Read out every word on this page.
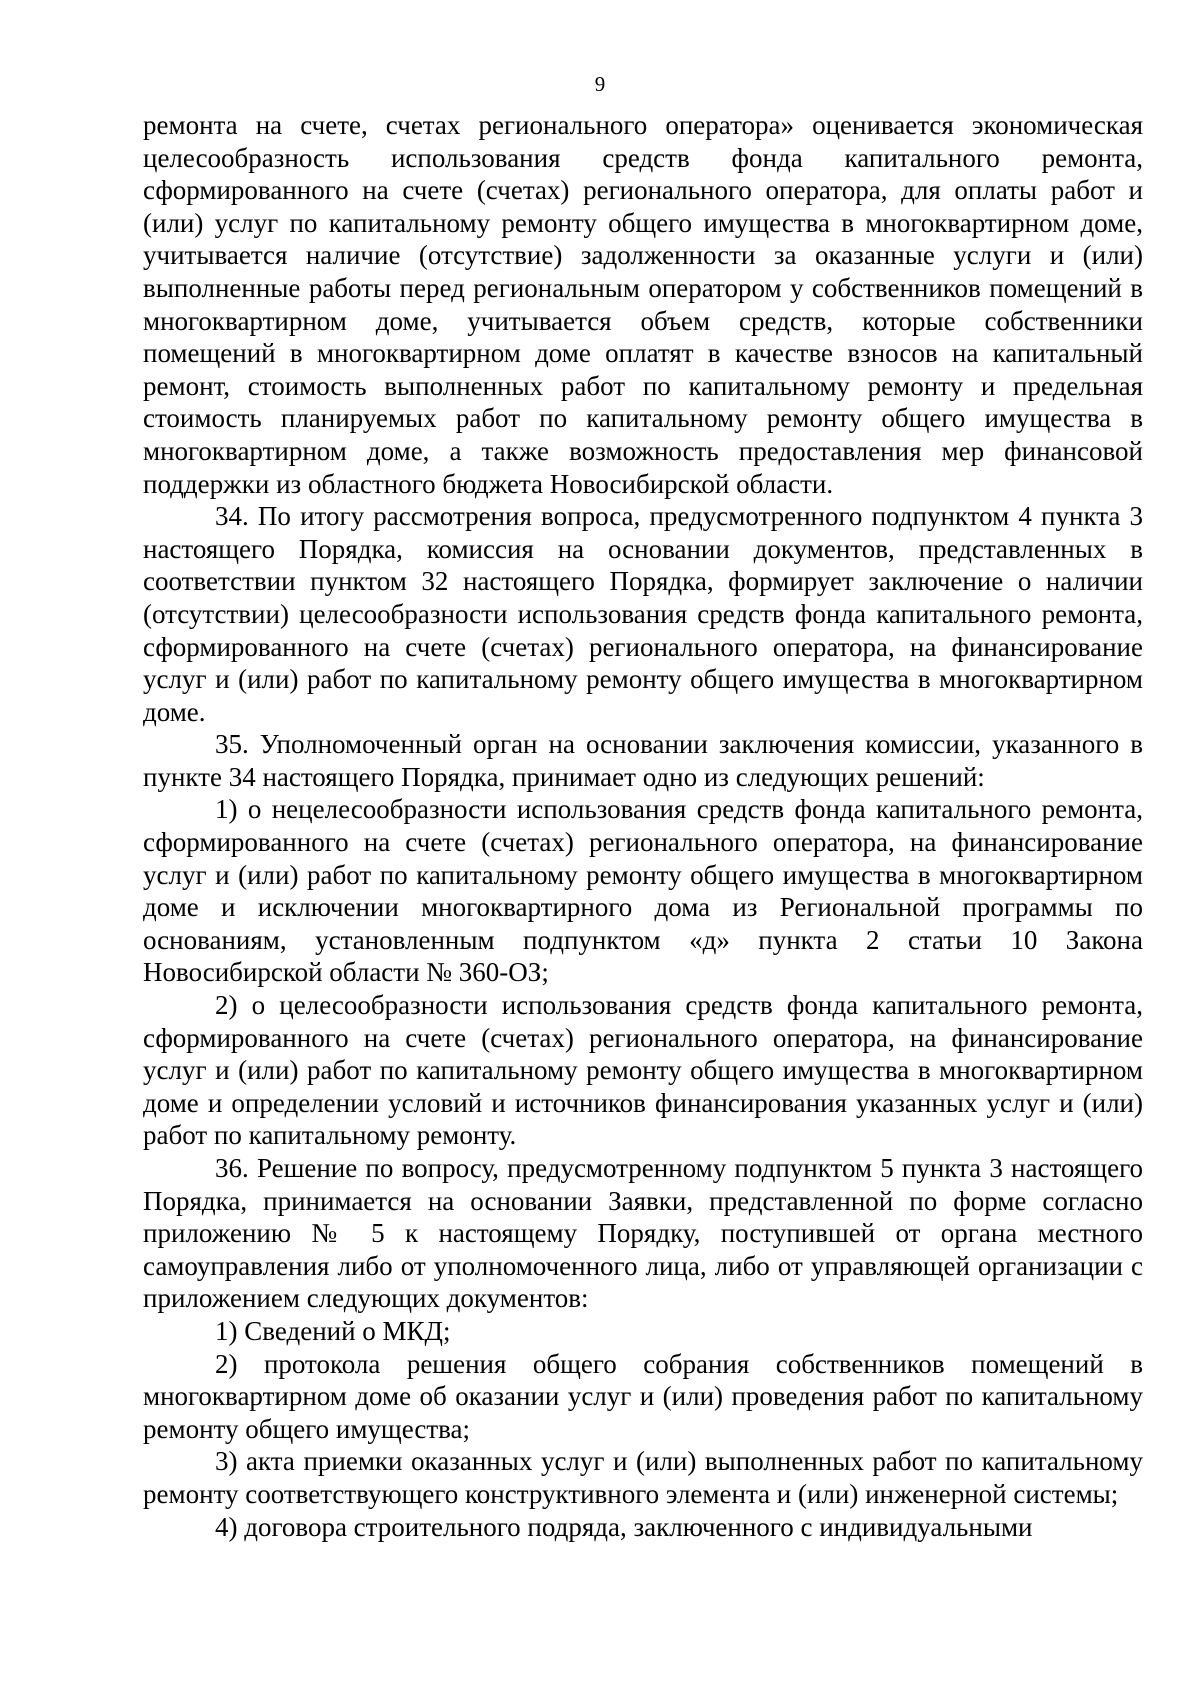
9

ремонта на счете, счетах регионального оператора» оценивается экономическая целесообразность использования средств фонда капитального ремонта, сформированного на счете (счетах) регионального оператора, для оплаты работ и (или) услуг по капитальному ремонту общего имущества в многоквартирном доме, учитывается наличие (отсутствие) задолженности за оказанные услуги и (или) выполненные работы перед региональным оператором у собственников помещений в многоквартирном доме, учитывается объем средств, которые собственники помещений в многоквартирном доме оплатят в качестве взносов на капитальный ремонт, стоимость выполненных работ по капитальному ремонту и предельная стоимость планируемых работ по капитальному ремонту общего имущества в многоквартирном доме, а также возможность предоставления мер финансовой поддержки из областного бюджета Новосибирской области.

34. По итогу рассмотрения вопроса, предусмотренного подпунктом 4 пункта 3 настоящего Порядка, комиссия на основании документов, представленных в соответствии пунктом 32 настоящего Порядка, формирует заключение о наличии (отсутствии) целесообразности использования средств фонда капитального ремонта, сформированного на счете (счетах) регионального оператора, на финансирование услуг и (или) работ по капитальному ремонту общего имущества в многоквартирном доме.

35. Уполномоченный орган на основании заключения комиссии, указанного в пункте 34 настоящего Порядка, принимает одно из следующих решений:

1) о нецелесообразности использования средств фонда капитального ремонта, сформированного на счете (счетах) регионального оператора, на финансирование услуг и (или) работ по капитальному ремонту общего имущества в многоквартирном доме и исключении многоквартирного дома из Региональной программы по основаниям, установленным подпунктом «д» пункта 2 статьи 10 Закона Новосибирской области № 360-ОЗ;

2) о целесообразности использования средств фонда капитального ремонта, сформированного на счете (счетах) регионального оператора, на финансирование услуг и (или) работ по капитальному ремонту общего имущества в многоквартирном доме и определении условий и источников финансирования указанных услуг и (или) работ по капитальному ремонту.

36. Решение по вопросу, предусмотренному подпунктом 5 пункта 3 настоящего Порядка, принимается на основании Заявки, представленной по форме согласно приложению № 5 к настоящему Порядку, поступившей от органа местного самоуправления либо от уполномоченного лица, либо от управляющей организации с приложением следующих документов:

1) Сведений о МКД;

2) протокола решения общего собрания собственников помещений в многоквартирном доме об оказании услуг и (или) проведения работ по капитальному ремонту общего имущества;

3) акта приемки оказанных услуг и (или) выполненных работ по капитальному ремонту соответствующего конструктивного элемента и (или) инженерной системы;

4) договора строительного подряда, заключенного с индивидуальными
